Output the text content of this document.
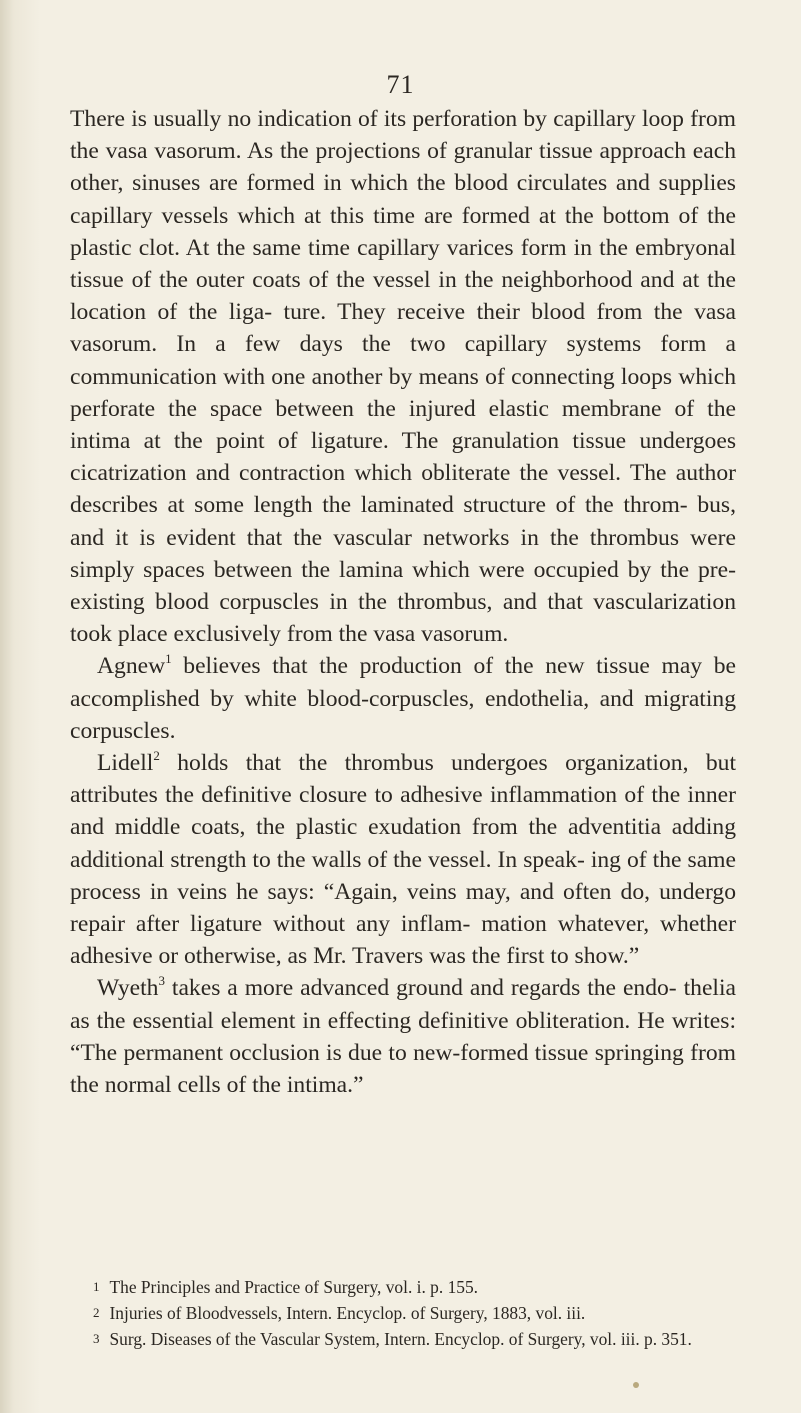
71

There is usually no indication of its perforation by capillary loop from the vasa vasorum. As the projections of granular tissue approach each other, sinuses are formed in which the blood circulates and supplies capillary vessels which at this time are formed at the bottom of the plastic clot. At the same time capillary varices form in the embryonal tissue of the outer coats of the vessel in the neighborhood and at the location of the liga- ture. They receive their blood from the vasa vasorum. In a few days the two capillary systems form a communication with one another by means of connecting loops which perforate the space between the injured elastic membrane of the intima at the point of ligature. The granulation tissue undergoes cicatrization and contraction which obliterate the vessel. The author describes at some length the laminated structure of the throm- bus, and it is evident that the vascular networks in the thrombus were simply spaces between the lamina which were occupied by the pre-existing blood corpuscles in the thrombus, and that vascularization took place exclusively from the vasa vasorum.

Agnew$^1$ believes that the production of the new tissue may be accomplished by white blood-corpuscles, endothelia, and migrating corpuscles.

Lidell$^2$ holds that the thrombus undergoes organization, but attributes the definitive closure to adhesive inflammation of the inner and middle coats, the plastic exudation from the adventitia adding additional strength to the walls of the vessel. In speak- ing of the same process in veins he says: “Again, veins may, and often do, undergo repair after ligature without any inflam- mation whatever, whether adhesive or otherwise, as Mr. Travers was the first to show.”

Wyeth$^3$ takes a more advanced ground and regards the endo- thelia as the essential element in effecting definitive obliteration. He writes: “The permanent occlusion is due to new-formed tissue springing from the normal cells of the intima.”

1 The Principles and Practice of Surgery, vol. i. p. 155.

2 Injuries of Bloodvessels, Intern. Encyclop. of Surgery, 1883, vol. iii.

3 Surg. Diseases of the Vascular System, Intern. Encyclop. of Surgery, vol. iii. p. 351.
